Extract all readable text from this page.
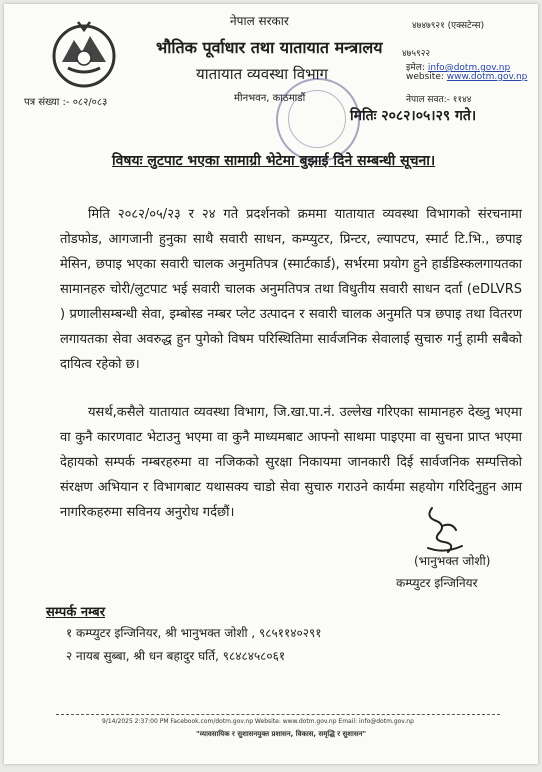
नेपाल सरकार
भौतिक पूर्वाधार तथा यातायात मन्त्रालय
यातायात व्यवस्था विभाग
४७४७९२१ (एक्सटेन्स)
४७५९२२
इमेल: info@dotm.gov.np
website: www.dotm.gov.np
पत्र संख्या :- ०८२/०८३	मीनभवन, काठमाडौं	नेपाल सवत:- ११४४
मितिः २०८२।०५।२९ गते।
विषयः लुटपाट भएका सामाग्री भेटेमा बुझाई दिने सम्बन्धी सूचना।
मिति २०८२/०५/२३ र २४ गते प्रदर्शनको क्रममा यातायात व्यवस्था विभागको संरचनामा तोडफोड, आगजानी हुनुका साथै सवारी साधन, कम्प्युटर, प्रिन्टर, ल्यापटप, स्मार्ट टि.भि., छपाइ मेसिन, छपाइ भएका सवारी चालक अनुमतिपत्र (स्मार्टकार्ड), सर्भरमा प्रयोग हुने हार्डडिस्कलगायतका सामानहरु चोरी/लुटपाट भई सवारी चालक अनुमतिपत्र तथा विधुतीय सवारी साधन दर्ता (eDLVRS ) प्रणालीसम्बन्धी सेवा, इम्बोस्ड नम्बर प्लेट उत्पादन र सवारी चालक अनुमति पत्र छपाइ तथा वितरण लगायतका सेवा अवरुद्ध हुन पुगेको विषम परिस्थितिमा सार्वजनिक सेवालाई सुचारु गर्नु हामी सबैको दायित्व रहेको छ।
यसर्थ,कसैले यातायात व्यवस्था विभाग, जि.खा.पा.नं. उल्लेख गरिएका सामानहरु देख्नु भएमा वा कुनै कारणवाट भेटाउनु भएमा वा कुनै माध्यमबाट आफ्नो साथमा पाइएमा वा सुचना प्राप्त भएमा देहायको सम्पर्क नम्बरहरुमा वा नजिकको सुरक्षा निकायमा जानकारी दिई सार्वजनिक सम्पत्तिको संरक्षण अभियान र विभागबाट यथासक्य चाडो सेवा सुचारु गराउने कार्यमा सहयोग गरिदिनुहुन आम नागरिकहरुमा सविनय अनुरोध गर्दछौं।
(भानुभक्त जोशी)
कम्प्युटर इन्जिनियर
सम्पर्क नम्बर
१ कम्प्युटर इन्जिनियर, श्री भानुभक्त जोशी , ९८५११४०२९१
२ नायब सुब्बा, श्री धन बहादुर घर्ति, ९८४८४५८०६१
9/14/2025 2:37:00 PM Facebook.com/dotm.gov.np Website: www.dotm.gov.np Email: info@dotm.gov.np
"व्यावसायिक र सुशासनयुक्त प्रशासन, विकास, समृद्धि र सुशासन"
